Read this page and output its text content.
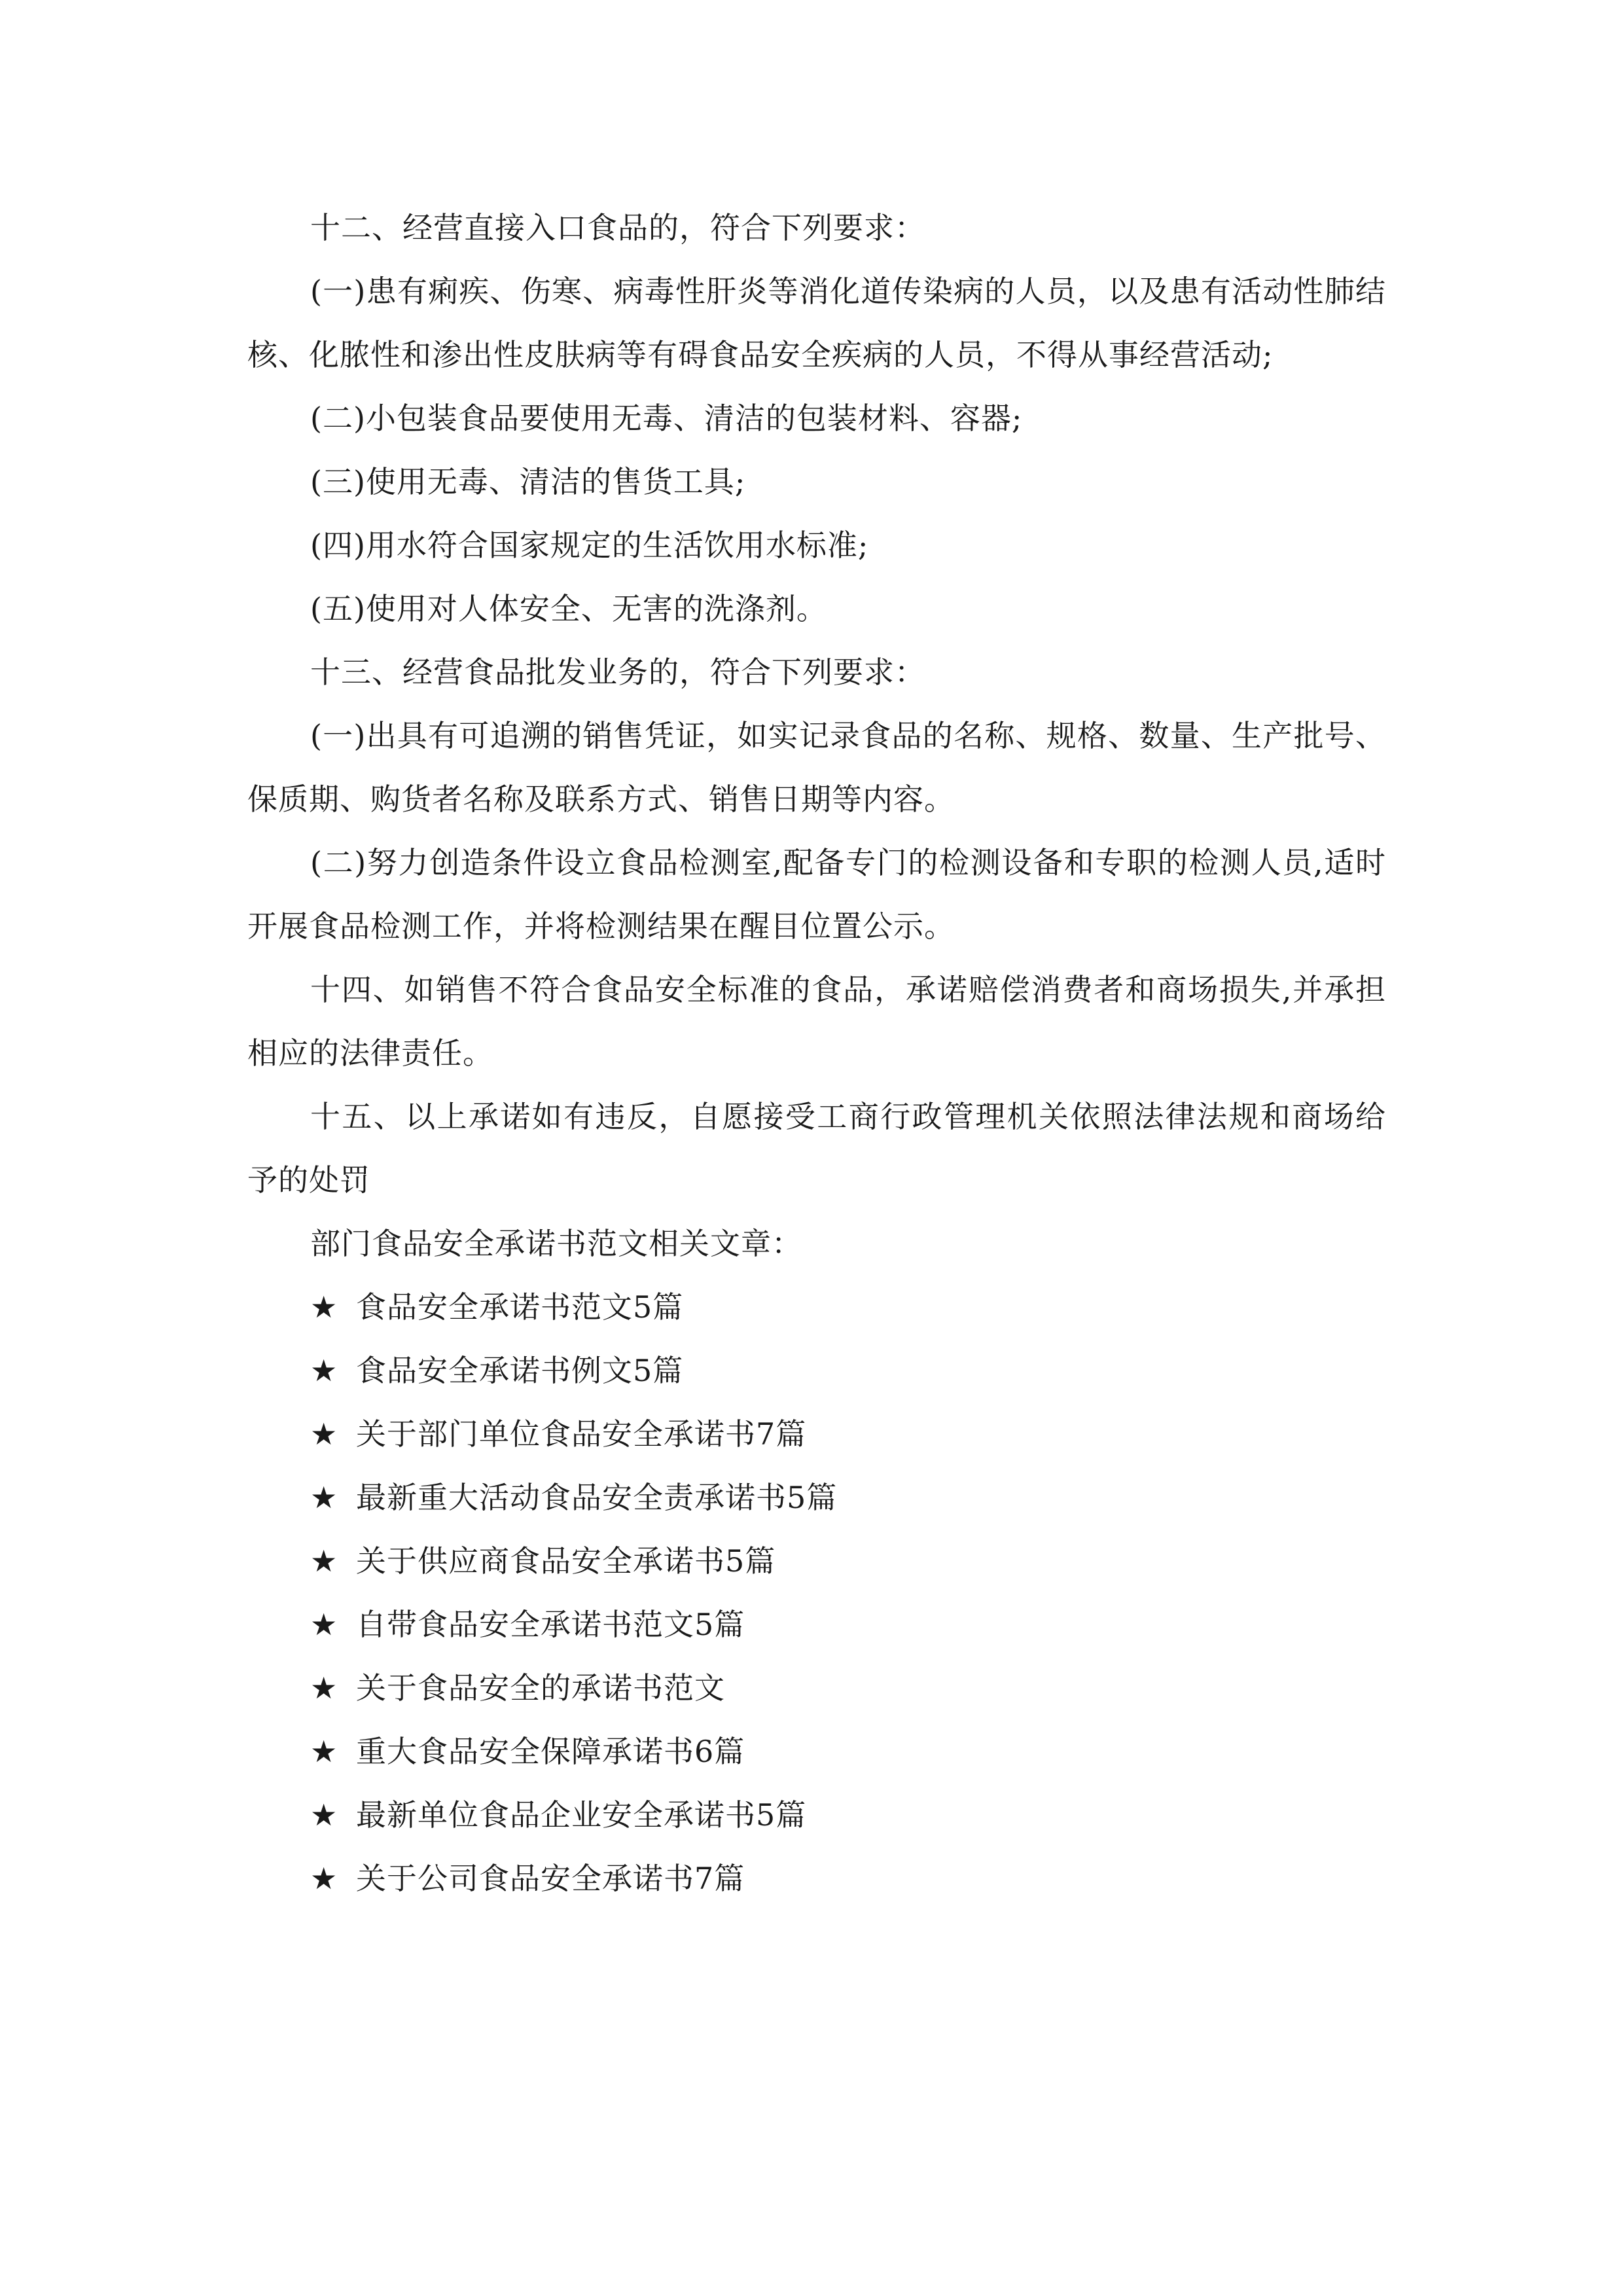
十二、经营直接入口食品的，符合下列要求：

(一)患有痢疾、伤寒、病毒性肝炎等消化道传染病的人员，以及患有活动性肺结核、化脓性和渗出性皮肤病等有碍食品安全疾病的人员，不得从事经营活动;

(二)小包装食品要使用无毒、清洁的包装材料、容器;

(三)使用无毒、清洁的售货工具;

(四)用水符合国家规定的生活饮用水标准;

(五)使用对人体安全、无害的洗涤剂。

十三、经营食品批发业务的，符合下列要求：

(一)出具有可追溯的销售凭证，如实记录食品的名称、规格、数量、生产批号、保质期、购货者名称及联系方式、销售日期等内容。

(二)努力创造条件设立食品检测室,配备专门的检测设备和专职的检测人员,适时开展食品检测工作，并将检测结果在醒目位置公示。

十四、如销售不符合食品安全标准的食品，承诺赔偿消费者和商场损失,并承担相应的法律责任。

十五、以上承诺如有违反，自愿接受工商行政管理机关依照法律法规和商场给予的处罚

部门食品安全承诺书范文相关文章：

★ 食品安全承诺书范文5篇
★ 食品安全承诺书例文5篇
★ 关于部门单位食品安全承诺书7篇
★ 最新重大活动食品安全责承诺书5篇
★ 关于供应商食品安全承诺书5篇
★ 自带食品安全承诺书范文5篇
★ 关于食品安全的承诺书范文
★ 重大食品安全保障承诺书6篇
★ 最新单位食品企业安全承诺书5篇
★ 关于公司食品安全承诺书7篇
